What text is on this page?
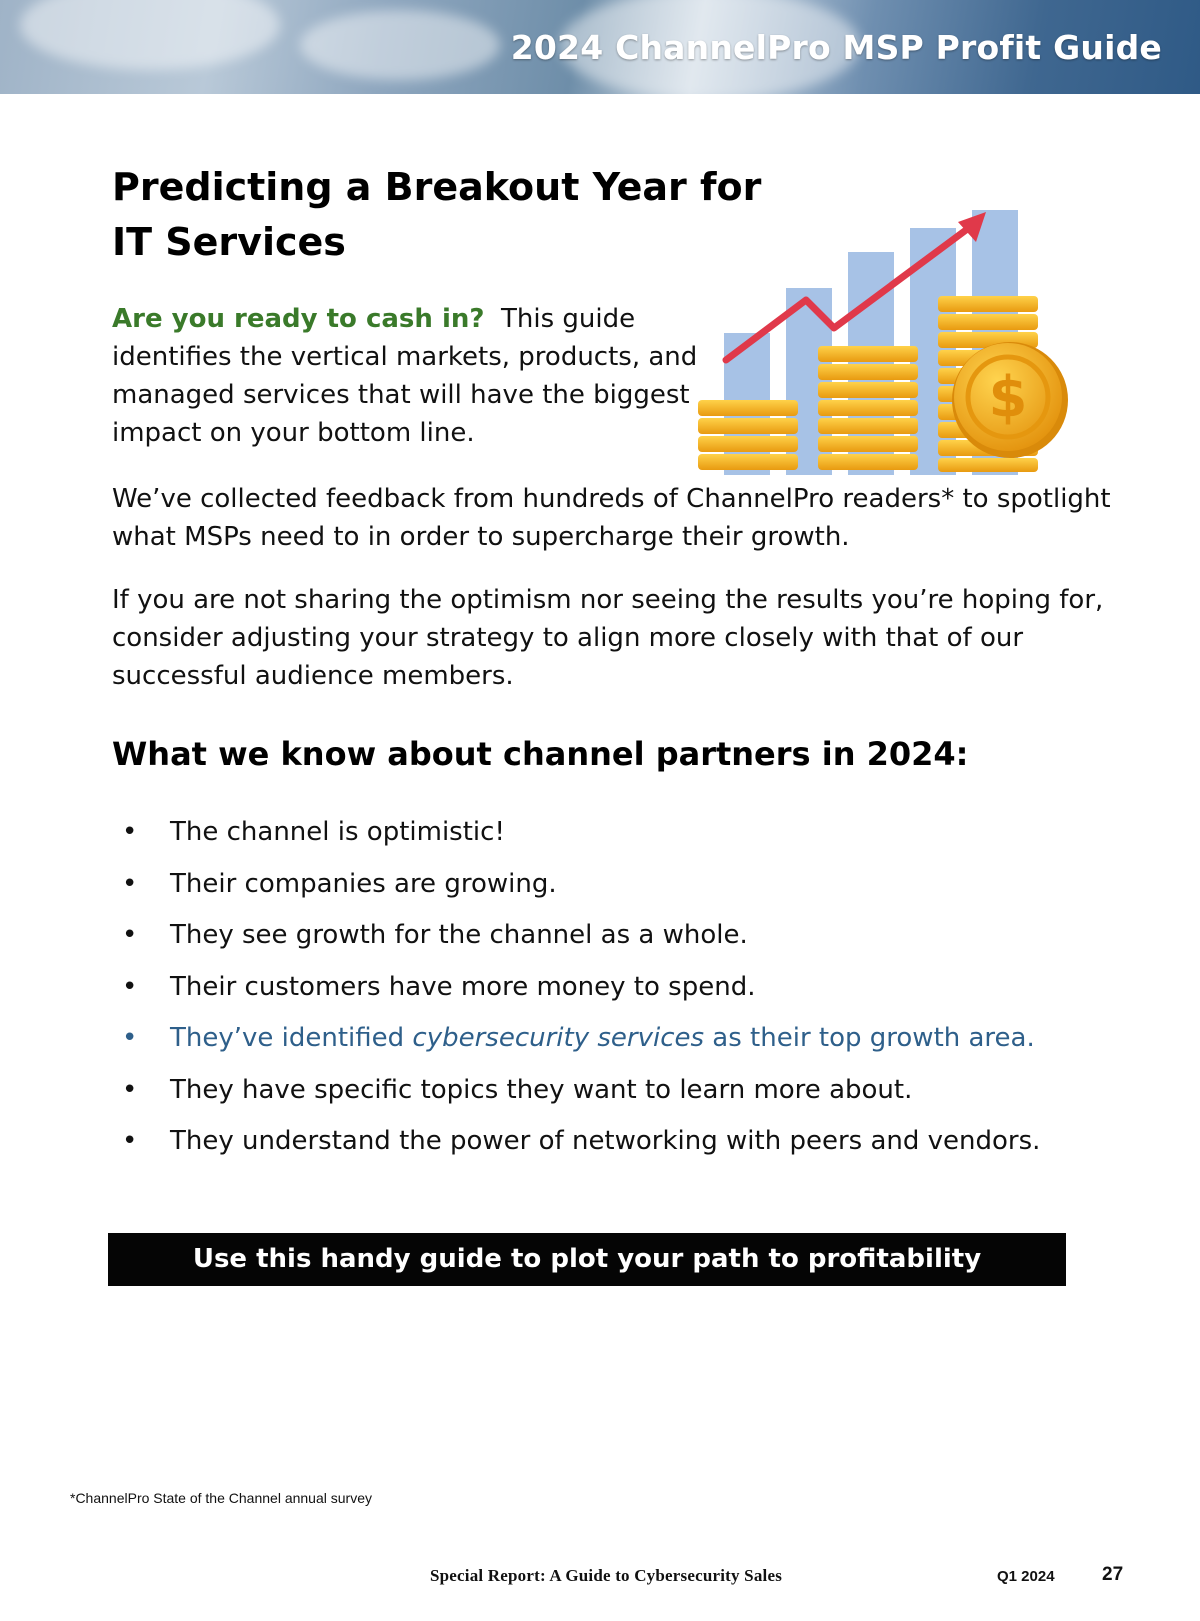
2024 ChannelPro MSP Profit Guide
Predicting a Breakout Year for
IT Services

Are you ready to cash in? This guide identifies the vertical markets, products, and managed services that will have the biggest impact on your bottom line.

We’ve collected feedback from hundreds of ChannelPro readers* to spotlight what MSPs need to in order to supercharge their growth.

If you are not sharing the optimism nor seeing the results you’re hoping for, consider adjusting your strategy to align more closely with that of our successful audience members.

What we know about channel partners in 2024:
• The channel is optimistic!
• Their companies are growing.
• They see growth for the channel as a whole.
• Their customers have more money to spend.
• They’ve identified cybersecurity services as their top growth area.
• They have specific topics they want to learn more about.
• They understand the power of networking with peers and vendors.
Use this handy guide to plot your path to profitability
*ChannelPro State of the Channel annual survey
Special Report: A Guide to Cybersecurity Sales	Q1 2024 27
$
